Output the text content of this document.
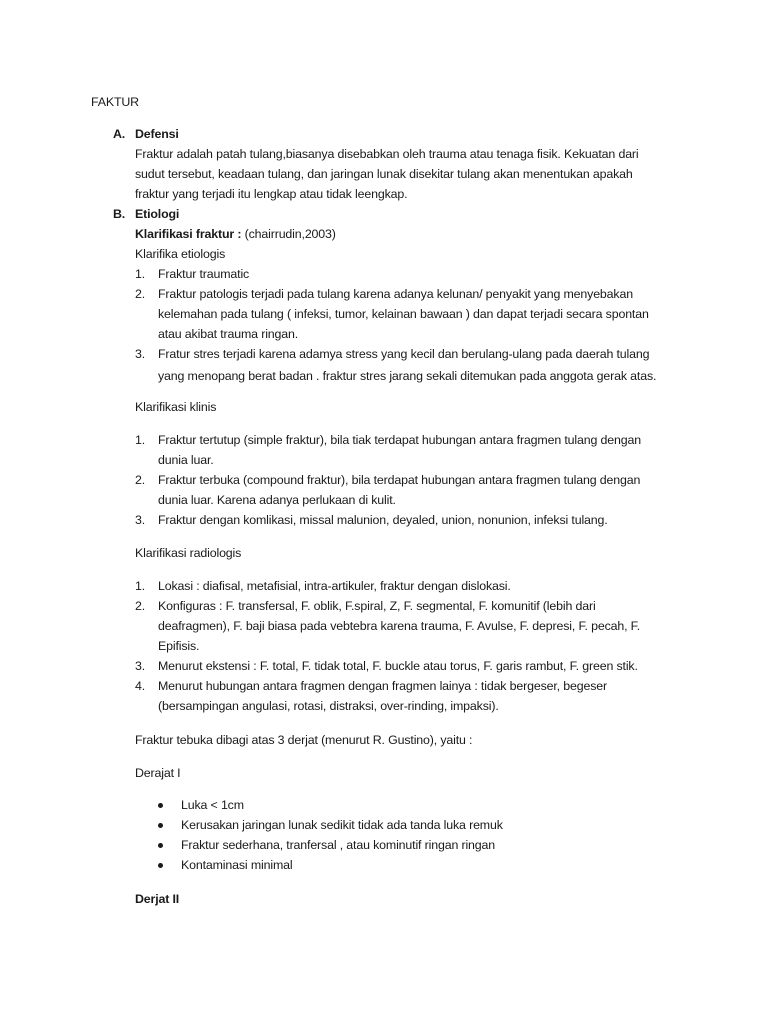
FAKTUR
A. Defensi
Fraktur adalah patah tulang,biasanya disebabkan oleh trauma atau tenaga fisik. Kekuatan dari
sudut tersebut, keadaan tulang, dan jaringan lunak disekitar tulang akan menentukan apakah
fraktur yang terjadi itu lengkap atau tidak leengkap.
B. Etiologi
Klarifikasi fraktur : (chairrudin,2003)
Klarifika etiologis
1. Fraktur traumatic
2. Fraktur patologis terjadi pada tulang karena adanya kelunan/ penyakit yang menyebakan
kelemahan pada tulang ( infeksi, tumor, kelainan bawaan ) dan dapat terjadi secara spontan
atau akibat trauma ringan.
3. Fratur stres terjadi karena adamya stress yang kecil dan berulang-ulang pada daerah tulang
yang menopang berat badan . fraktur stres jarang sekali ditemukan pada anggota gerak atas.
Klarifikasi klinis
1. Fraktur tertutup (simple fraktur), bila tiak terdapat hubungan antara fragmen tulang dengan
dunia luar.
2. Fraktur terbuka (compound fraktur), bila terdapat hubungan antara fragmen tulang dengan
dunia luar. Karena adanya perlukaan di kulit.
3. Fraktur dengan komlikasi, missal malunion, deyaled, union, nonunion, infeksi tulang.
Klarifikasi radiologis
1. Lokasi : diafisal, metafisial, intra-artikuler, fraktur dengan dislokasi.
2. Konfiguras : F. transfersal, F. oblik, F.spiral, Z, F. segmental, F. komunitif (lebih dari
deafragmen), F. baji biasa pada vebtebra karena trauma, F. Avulse, F. depresi, F. pecah, F.
Epifisis.
3. Menurut ekstensi : F. total, F. tidak total, F. buckle atau torus, F. garis rambut, F. green stik.
4. Menurut hubungan antara fragmen dengan fragmen lainya : tidak bergeser, begeser
(bersampingan angulasi, rotasi, distraksi, over-rinding, impaksi).
Fraktur tebuka dibagi atas 3 derjat (menurut R. Gustino), yaitu :
Derajat I
Luka < 1cm
Kerusakan jaringan lunak sedikit tidak ada tanda luka remuk
Fraktur sederhana, tranfersal , atau kominutif ringan ringan
Kontaminasi minimal
Derjat II
